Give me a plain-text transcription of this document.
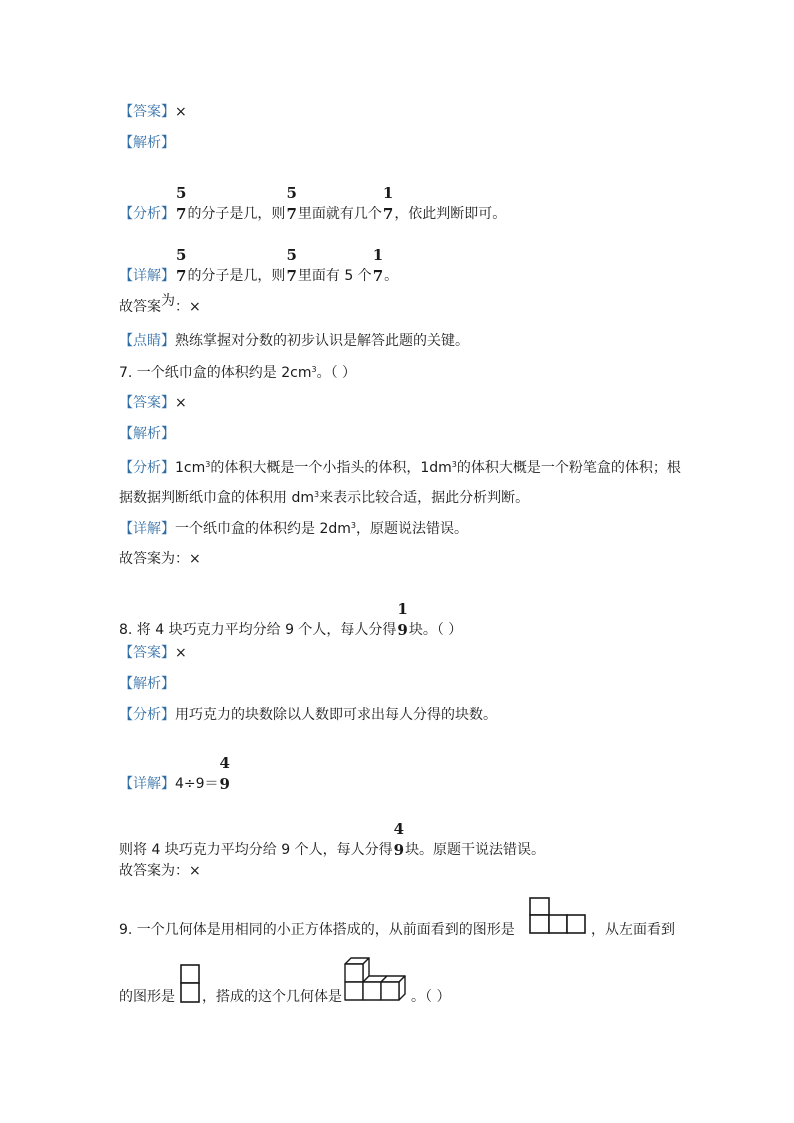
【答案】×
【解析】
【分析】
5
7 的分子是几，则
5
7 里面就有几个
1
7 ，依此判断即可。
【详解】
5
7 的分子是几，则
5
7 里面有 5 个
1
7 。
故答案为：×
【点睛】熟练掌握对分数的初步认识是解答此题的关键。
7. 一个纸巾盒的体积约是 $2cm^3$。（ ）
【答案】×
【解析】
【分析】$1cm^3$的体积大概是一个小指头的体积，$1dm^3$的体积大概是一个粉笔盒的体积；根
据数据判断纸巾盒的体积用 $dm^3$来表示比较合适，据此分析判断。
【详解】一个纸巾盒的体积约是 $2dm^3$，原题说法错误。
故答案为：×
8. 将 4 块巧克力平均分给 9 个人，每人分得
1
9 块。（ ）
【答案】×
【解析】
【分析】用巧克力的块数除以人数即可求出每人分得的块数。
【详解】4÷9＝
4
9
则将 4 块巧克力平均分给 9 个人，每人分得
4
9 块。原题干说法错误。
故答案为：×
9. 一个几何体是用相同的小正方体搭成的，从前面看到的图形是	，从左面看到
的图形是 ，搭成的这个几何体是	。（ ）
